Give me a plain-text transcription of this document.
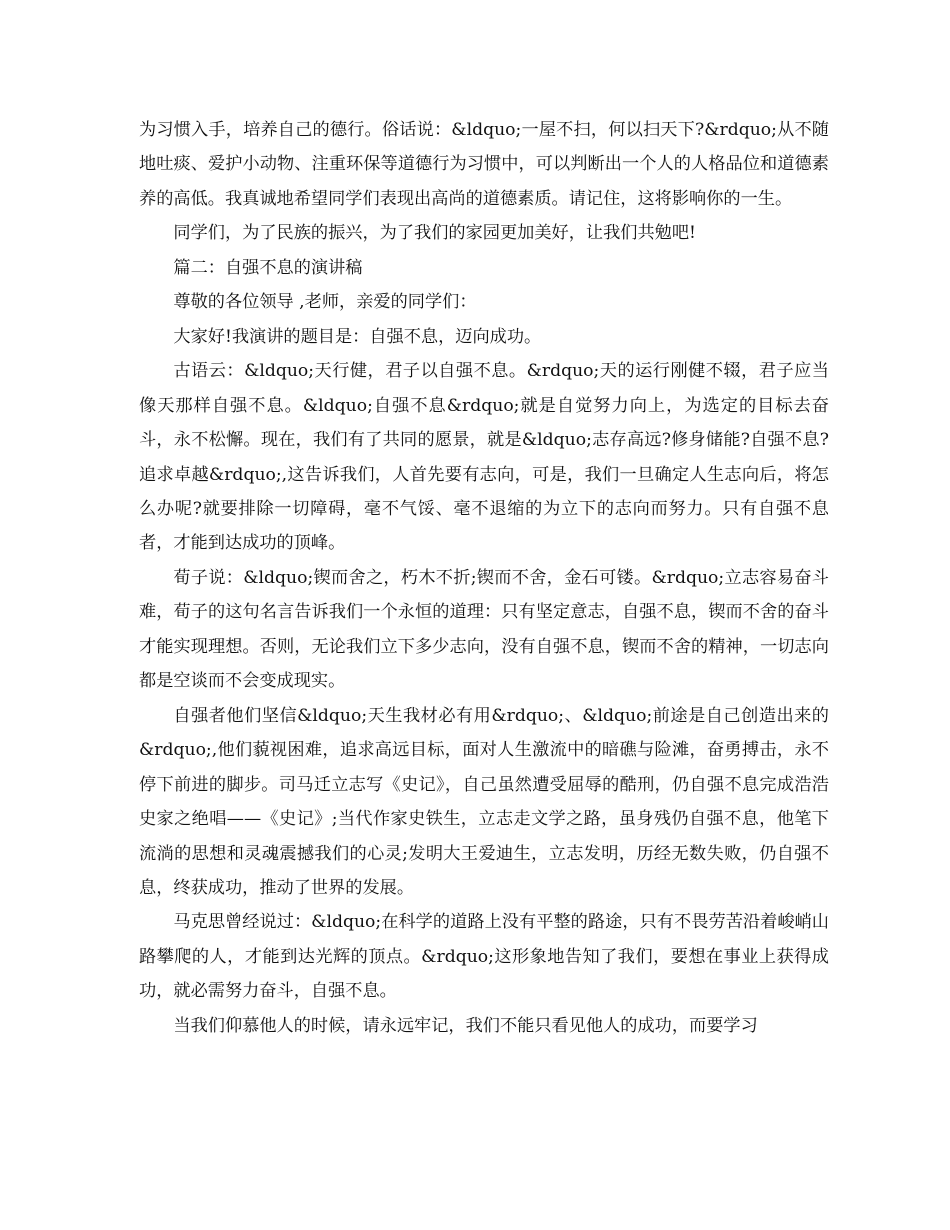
为习惯入手，培养自己的德行。俗话说：&ldquo;一屋不扫，何以扫天下?&rdquo;从不随地吐痰、爱护小动物、注重环保等道德行为习惯中，可以判断出一个人的人格品位和道德素养的高低。我真诚地希望同学们表现出高尚的道德素质。请记住，这将影响你的一生。

同学们，为了民族的振兴，为了我们的家园更加美好，让我们共勉吧!

篇二：自强不息的演讲稿

尊敬的各位领导 ,老师，亲爱的同学们：

大家好!我演讲的题目是：自强不息，迈向成功。

古语云：&ldquo;天行健，君子以自强不息。&rdquo;天的运行刚健不辍，君子应当像天那样自强不息。&ldquo;自强不息&rdquo;就是自觉努力向上，为选定的目标去奋斗，永不松懈。现在，我们有了共同的愿景，就是&ldquo;志存高远?修身储能?自强不息?追求卓越&rdquo;,这告诉我们，人首先要有志向，可是，我们一旦确定人生志向后，将怎么办呢?就要排除一切障碍，毫不气馁、毫不退缩的为立下的志向而努力。只有自强不息者，才能到达成功的顶峰。

荀子说：&ldquo;锲而舍之，朽木不折;锲而不舍，金石可镂。&rdquo;立志容易奋斗难，荀子的这句名言告诉我们一个永恒的道理：只有坚定意志，自强不息，锲而不舍的奋斗才能实现理想。否则，无论我们立下多少志向，没有自强不息，锲而不舍的精神，一切志向都是空谈而不会变成现实。

自强者他们坚信&ldquo;天生我材必有用&rdquo;、&ldquo;前途是自己创造出来的&rdquo;,他们藐视困难，追求高远目标，面对人生激流中的暗礁与险滩，奋勇搏击，永不停下前进的脚步。司马迁立志写《史记》，自己虽然遭受屈辱的酷刑，仍自强不息完成浩浩史家之绝唱——《史记》;当代作家史铁生，立志走文学之路，虽身残仍自强不息，他笔下流淌的思想和灵魂震撼我们的心灵;发明大王爱迪生，立志发明，历经无数失败，仍自强不息，终获成功，推动了世界的发展。

马克思曾经说过：&ldquo;在科学的道路上没有平整的路途，只有不畏劳苦沿着峻峭山路攀爬的人，才能到达光辉的顶点。&rdquo;这形象地告知了我们，要想在事业上获得成功，就必需努力奋斗，自强不息。

当我们仰慕他人的时候，请永远牢记，我们不能只看见他人的成功，而要学习
